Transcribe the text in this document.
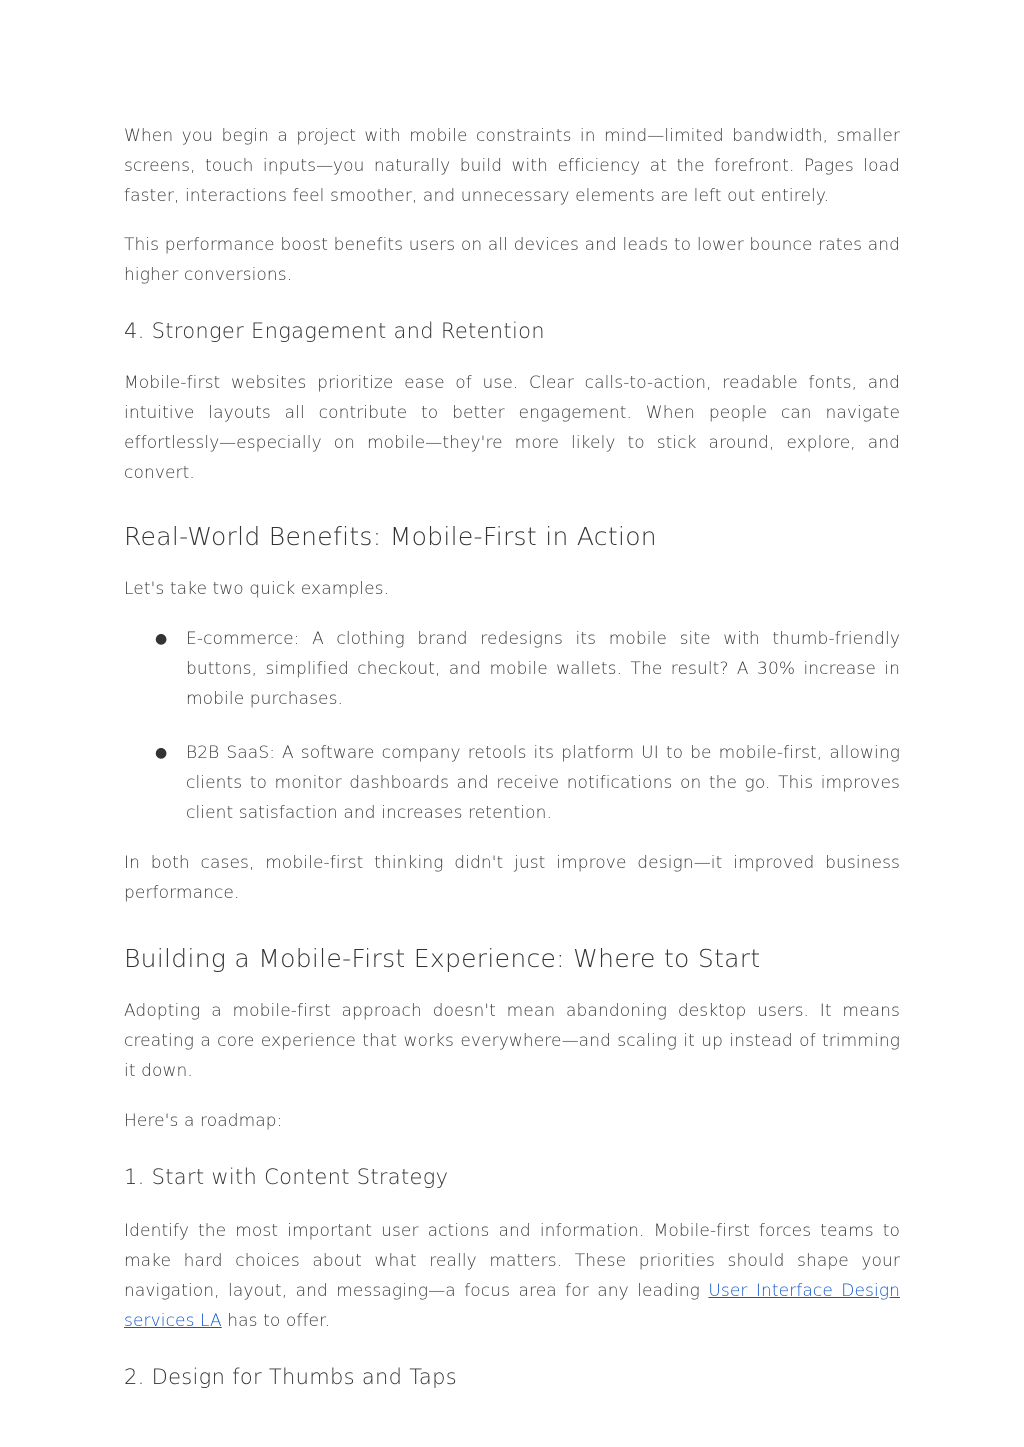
When you begin a project with mobile constraints in mind—limited bandwidth, smaller screens, touch inputs—you naturally build with efficiency at the forefront. Pages load faster, interactions feel smoother, and unnecessary elements are left out entirely.

This performance boost benefits users on all devices and leads to lower bounce rates and higher conversions.

4. Stronger Engagement and Retention

Mobile-first websites prioritize ease of use. Clear calls-to-action, readable fonts, and intuitive layouts all contribute to better engagement. When people can navigate effortlessly—especially on mobile—they're more likely to stick around, explore, and convert.

Real-World Benefits: Mobile-First in Action

Let's take two quick examples.

● E-commerce: A clothing brand redesigns its mobile site with thumb-friendly buttons, simplified checkout, and mobile wallets. The result? A 30% increase in mobile purchases.

● B2B SaaS: A software company retools its platform UI to be mobile-first, allowing clients to monitor dashboards and receive notifications on the go. This improves client satisfaction and increases retention.

In both cases, mobile-first thinking didn't just improve design—it improved business performance.

Building a Mobile-First Experience: Where to Start

Adopting a mobile-first approach doesn't mean abandoning desktop users. It means creating a core experience that works everywhere—and scaling it up instead of trimming it down.

Here's a roadmap:

1. Start with Content Strategy

Identify the most important user actions and information. Mobile-first forces teams to make hard choices about what really matters. These priorities should shape your navigation, layout, and messaging—a focus area for any leading User Interface Design services LA has to offer.

2. Design for Thumbs and Taps
